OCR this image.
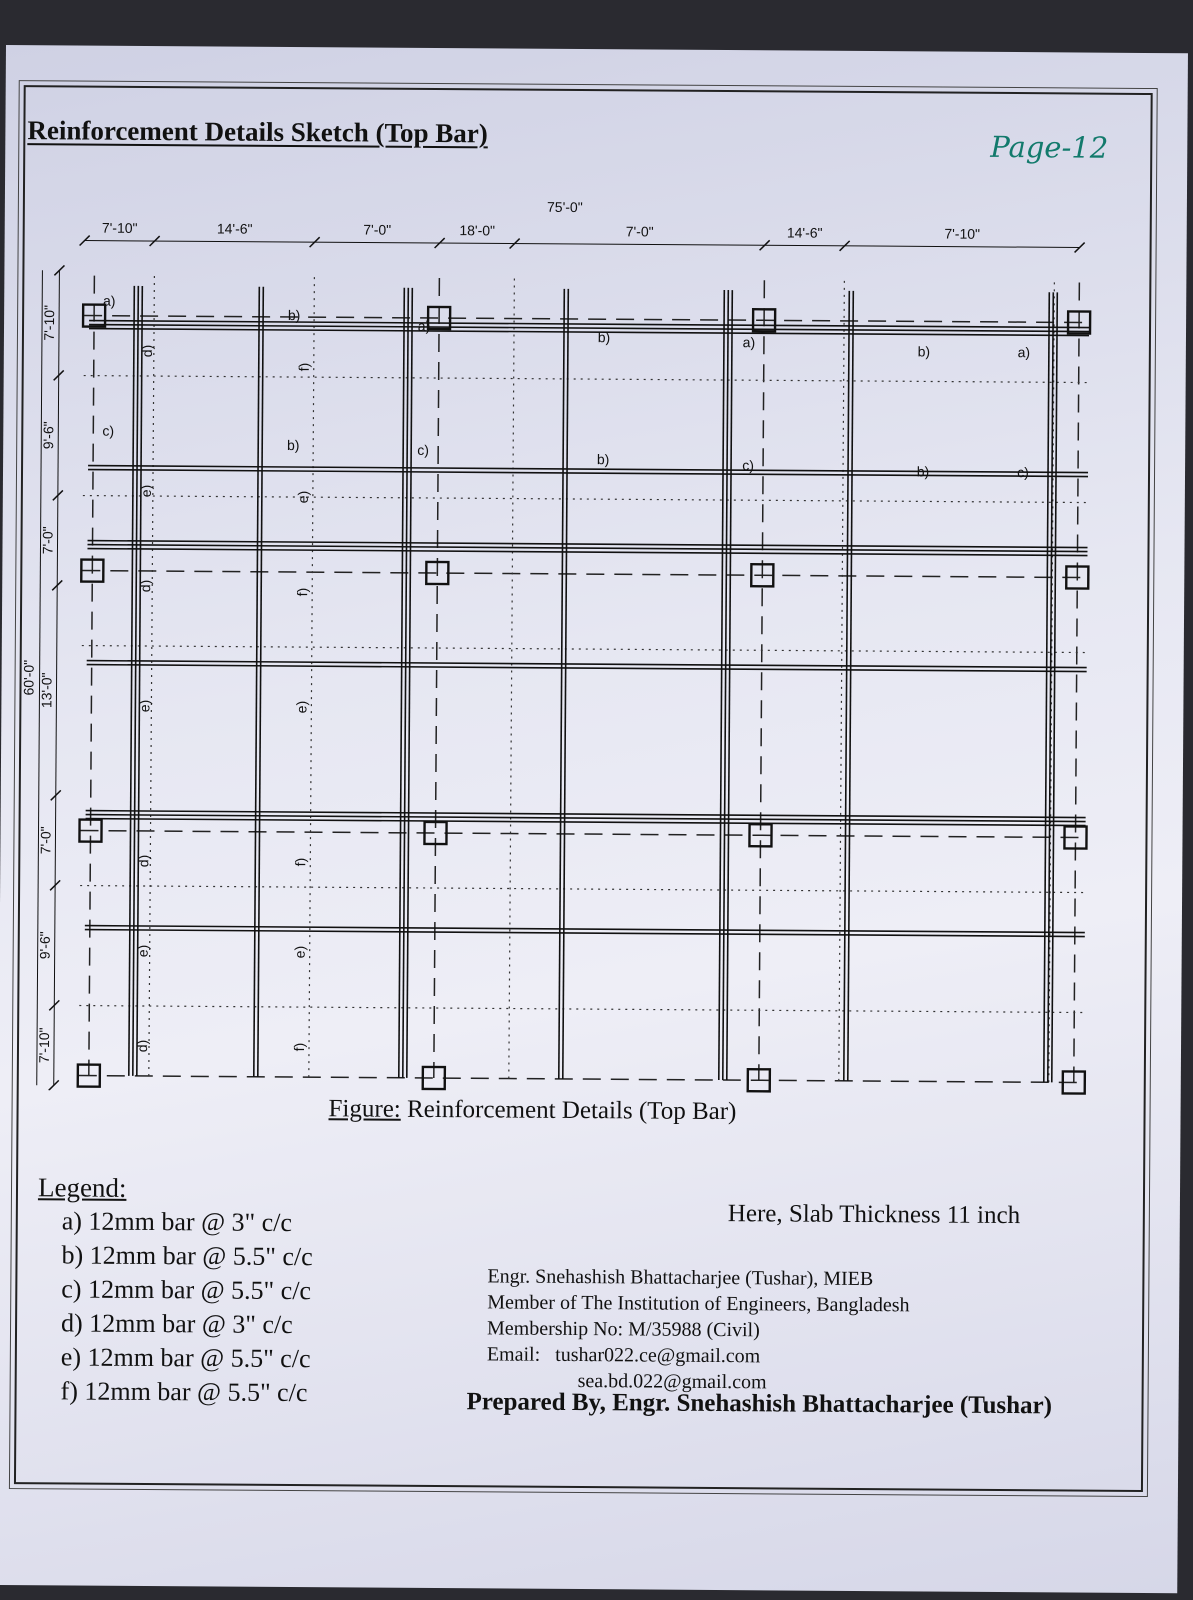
Reinforcement Details Sketch (Top Bar)	Page-12
7'-10"	14'-6"	7'-0"	18'-0"	7'-0"	14'-6"	7'-10"
75'-0"
7'-10"
9'-6"
7'-0"
13'-0"
7'-0"
9'-6"
7'-10"
60'-0"
a)
b)
a)
b)	a)
b)	a)
c)
b)	c)
b)	c)	b)	c)
d)
e)
d)
e)
d)
e)
d)
f)
e)
f)
e)
f)
e)
f)
Figure: Reinforcement Details (Top Bar)
Legend:
a) 12mm bar @ 3" c/c
b) 12mm bar @ 5.5" c/c
c) 12mm bar @ 5.5" c/c
d) 12mm bar @ 3" c/c
e) 12mm bar @ 5.5" c/c
f) 12mm bar @ 5.5" c/c
Here, Slab Thickness 11 inch
Engr. Snehashish Bhattacharjee (Tushar), MIEB
Member of The Institution of Engineers, Bangladesh
Membership No: M/35988 (Civil)
Email: tushar022.ce@gmail.com
sea.bd.022@gmail.com
Prepared By, Engr. Snehashish Bhattacharjee (Tushar)
